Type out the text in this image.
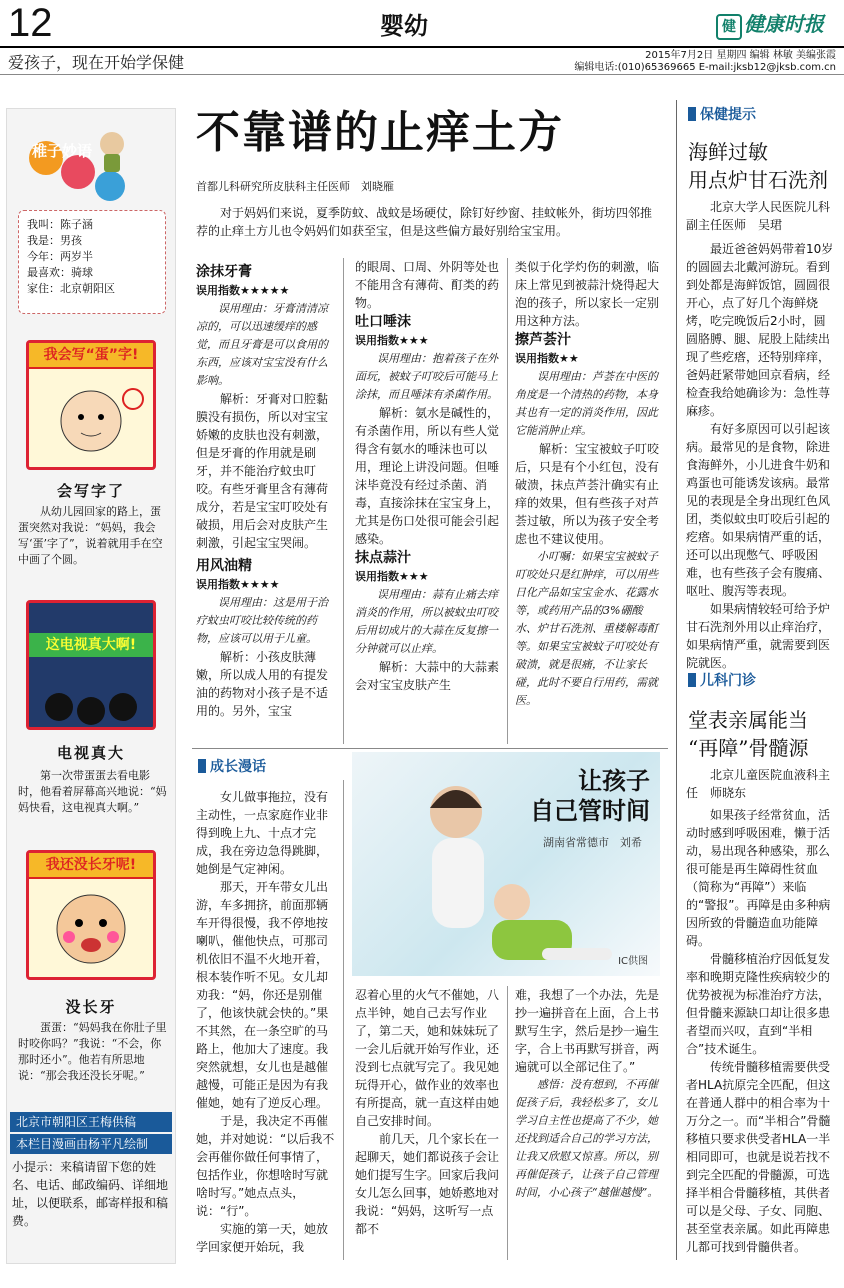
12	婴幼	健 健康时报
爱孩子，现在开始学保健	2015年7月2日 星期四 编辑 林敏 美编张霞
编辑电话:(010)65369665 E-mail:jksb12@jksb.com.cn
稚子妙语
我叫：陈子涵
我是：男孩
今年：两岁半
最喜欢：骑球
家住：北京朝阳区
我会写“蛋”字!
会写字了
从幼儿园回家的路上，蛋蛋突然对我说：“妈妈，我会写‘蛋’字了”，说着就用手在空中画了个圆。
这电视真大啊!
电视真大
第一次带蛋蛋去看电影时，他看着屏幕高兴地说：“妈妈快看，这电视真大啊。”
我还没长牙呢!
没长牙
蛋蛋：“妈妈我在你肚子里时咬你吗？”我说：“不会，你那时还小”。他若有所思地说：“那会我还没长牙呢。”
北京市朝阳区王梅供稿
本栏目漫画由杨平凡绘制
小提示：来稿请留下您的姓名、电话、邮政编码、详细地址，以便联系，邮寄样报和稿费。
不靠谱的止痒土方
首都儿科研究所皮肤科主任医师　刘晓雁
对于妈妈们来说，夏季防蚊、战蚊是场硬仗，除钉好纱窗、挂蚊帐外，街坊四邻推荐的止痒土方儿也令妈妈们如获至宝，但是这些偏方最好别给宝宝用。

涂抹牙膏

误用指数★★★★★

误用理由：牙膏清清凉凉的，可以迅速缓痒的感觉，而且牙膏是可以食用的东西，应该对宝宝没有什么影响。

解析：牙膏对口腔黏膜没有损伤，所以对宝宝娇嫩的皮肤也没有刺激，但是牙膏的作用就是刷牙，并不能治疗蚊虫叮咬。有些牙膏里含有薄荷成分，若是宝宝叮咬处有破损，用后会对皮肤产生刺激，引起宝宝哭闹。

用风油精

误用指数★★★★

误用理由：这是用于治疗蚊虫叮咬比较传统的药物，应该可以用于儿童。

解析：小孩皮肤薄嫩，所以成人用的有提发油的药物对小孩子是不适用的。另外，宝宝

的眼周、口周、外阴等处也不能用含有薄荷、酊类的药物。

吐口唾沫

误用指数★★★

误用理由：抱着孩子在外面玩，被蚊子叮咬后可能马上涂抹，而且唾沫有杀菌作用。

解析：氨水是碱性的，有杀菌作用，所以有些人觉得含有氨水的唾沫也可以用，理论上讲没问题。但唾沫毕竟没有经过杀菌、消毒，直接涂抹在宝宝身上，尤其是伤口处很可能会引起感染。

抹点蒜汁

误用指数★★★

误用理由：蒜有止痛去痒消炎的作用，所以被蚊虫叮咬后用切成片的大蒜在反复擦一分钟就可以止痒。

解析：大蒜中的大蒜素会对宝宝皮肤产生

类似于化学灼伤的刺激，临床上常见到被蒜汁烧得起大泡的孩子，所以家长一定别用这种方法。

擦芦荟汁

误用指数★★

误用理由：芦荟在中医的角度是一个清热的药物，本身其也有一定的消炎作用，因此它能消肿止痒。

解析：宝宝被蚊子叮咬后，只是有个小红包，没有破溃，抹点芦荟汁确实有止痒的效果，但有些孩子对芦荟过敏，所以为孩子安全考虑也不建议使用。

小叮嘱：如果宝宝被蚊子叮咬处只是红肿痒，可以用些日化产品如宝宝金水、花露水等，或药用产品的3%硼酸水、炉甘石洗剂、重楼解毒酊等。如果宝宝被蚊子叮咬处有破溃，就是很痛，不让家长碰，此时不要自行用药，需就医。

成长漫话	让孩子
自己管时间
湖南省常德市　刘希
IC供图

女儿做事拖拉，没有主动性，一点家庭作业非得到晚上九、十点才完成，我在旁边急得跳脚，她倒是气定神闲。

那天，开车带女儿出游，车多拥挤，前面那辆车开得很慢，我不停地按喇叭，催他快点，可那司机依旧不温不火地开着，根本装作听不见。女儿却劝我：“妈，你还是别催了，他该快就会快的。”果不其然，在一条空旷的马路上，他加大了速度。我突然就想，女儿也是越催越慢，可能正是因为有我催她，她有了逆反心理。

于是，我决定不再催她，并对她说：“以后我不会再催你做任何事情了，包括作业，你想啥时写就啥时写。”她点点头，说：“行”。

实施的第一天，她放学回家便开始玩，我

忍着心里的火气不催她，八点半钟，她自己去写作业了，第二天，她和妹妹玩了一会儿后就开始写作业，还没到七点就写完了。我见她玩得开心，做作业的效率也有所提高，就一直这样由她自己安排时间。

前几天，几个家长在一起聊天，她们都说孩子会让她们提写生字。回家后我问女儿怎么回事，她娇憨地对我说：“妈妈，这听写一点都不

难，我想了一个办法，先是抄一遍拼音在上面，合上书默写生字，然后是抄一遍生字，合上书再默写拼音，两遍就可以全部记住了。”

感悟：没有想到，不再催促孩子后，我轻松多了，女儿学习自主性也提高了不少，她还找到适合自己的学习方法，让我又欣慰又惊喜。所以，别再催促孩子，让孩子自己管理时间，小心孩子“越催越慢”。

保健提示
海鲜过敏
用点炉甘石洗剂

北京大学人民医院儿科副主任医师　吴珺

最近爸爸妈妈带着10岁的圆圆去北戴河游玩。看到到处都是海鲜饭馆，圆圆很开心，点了好几个海鲜烧烤，吃完晚饭后2小时，圆圆胳膊、腿、屁股上陆续出现了些疙瘩，还特别痒痒，爸妈赶紧带她回京看病，经检查我给她确诊为：急性荨麻疹。

有好多原因可以引起该病。最常见的是食物，除进食海鲜外，小儿进食牛奶和鸡蛋也可能诱发该病。最常见的表现是全身出现红色风团，类似蚊虫叮咬后引起的疙瘩。如果病情严重的话，还可以出现憋气、呼吸困难，也有些孩子会有腹痛、呕吐、腹泻等表现。

如果病情较轻可给予炉甘石洗剂外用以止痒治疗，如果病情严重，就需要到医院就医。

儿科门诊
堂表亲属能当
“再障”骨髓源

北京儿童医院血液科主任　师晓东

如果孩子经常贫血，活动时感到呼吸困难，懒于活动，易出现各种感染，那么很可能是再生障碍性贫血（简称为“再障”）来临的“警报”。再障是由多种病因所致的骨髓造血功能障碍。

骨髓移植治疗因低复发率和晚期克隆性疾病较少的优势被视为标准治疗方法，但骨髓来源缺口却让很多患者望而兴叹，直到“半相合”技术诞生。

传统骨髓移植需要供受者HLA抗原完全匹配，但这在普通人群中的相合率为十万分之一。而“半相合”骨髓移植只要求供受者HLA一半相同即可，也就是说若找不到完全匹配的骨髓源，可选择半相合骨髓移植，其供者可以是父母、子女、同胞、甚至堂表亲属。如此再障患儿都可找到骨髓供者。
